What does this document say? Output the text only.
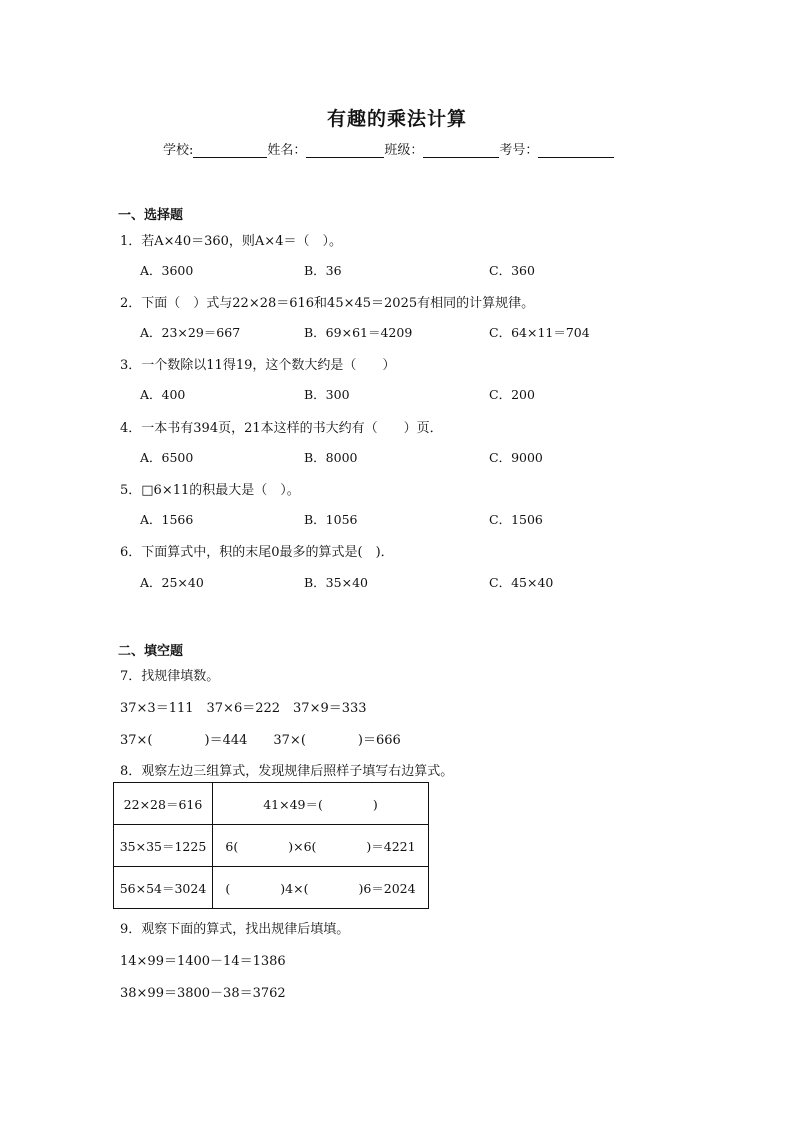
有趣的乘法计算
学校:	姓名：	班级：	考号：
一、选择题
1．若A×40＝360，则A×4＝（　）。
A．3600	B．36	C．360
2．下面（　）式与22×28＝616和45×45＝2025有相同的计算规律。
A．23×29＝667	B．69×61＝4209	C．64×11＝704
3．一个数除以11得19，这个数大约是（　　）
A．400	B．300	C．200
4．一本书有394页，21本这样的书大约有（　　）页．
A．6500	B．8000	C．9000
5．□6×11的积最大是（　）。
A．1566	B．1056	C．1506
6．下面算式中，积的末尾0最多的算式是(　)．
A．25×40	B．35×40	C．45×40
二、填空题
7．找规律填数。
37×3＝111　37×6＝222　37×9＝333
37×(　　　　)＝444　　37×(　　　　)＝666
8．观察左边三组算式，发现规律后照样子填写右边算式。
22×28＝616	41×49＝(　　　　)
35×35＝1225	6(　　　　)×6(　　　　)＝4221
56×54＝3024	(　　　　)4×(　　　　)6＝2024
9．观察下面的算式，找出规律后填填。
14×99＝1400－14＝1386
38×99＝3800－38＝3762
